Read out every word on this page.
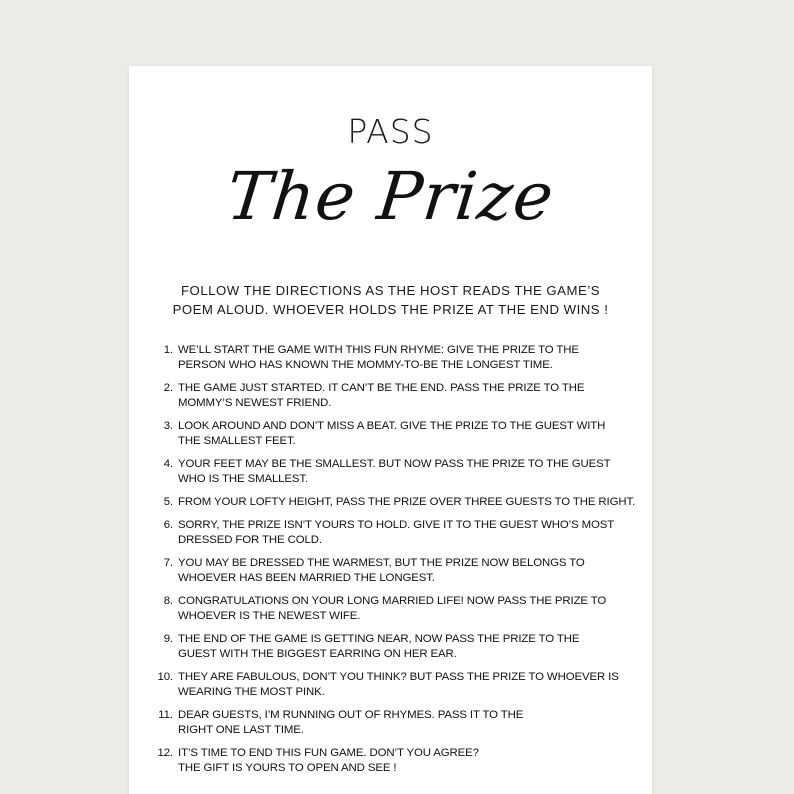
PASS
The Prize
FOLLOW THE DIRECTIONS AS THE HOST READS THE GAME’S
POEM ALOUD. WHOEVER HOLDS THE PRIZE AT THE END WINS !
1. WE’LL START THE GAME WITH THIS FUN RHYME: GIVE THE PRIZE TO THE
PERSON WHO HAS KNOWN THE MOMMY-TO-BE THE LONGEST TIME.
2. THE GAME JUST STARTED. IT CAN’T BE THE END. PASS THE PRIZE TO THE
MOMMY’S NEWEST FRIEND.
3. LOOK AROUND AND DON’T MISS A BEAT. GIVE THE PRIZE TO THE GUEST WITH
THE SMALLEST FEET.
4. YOUR FEET MAY BE THE SMALLEST. BUT NOW PASS THE PRIZE TO THE GUEST
WHO IS THE SMALLEST.
5. FROM YOUR LOFTY HEIGHT, PASS THE PRIZE OVER THREE GUESTS TO THE RIGHT.
6. SORRY, THE PRIZE ISN’T YOURS TO HOLD. GIVE IT TO THE GUEST WHO’S MOST
DRESSED FOR THE COLD.
7. YOU MAY BE DRESSED THE WARMEST, BUT THE PRIZE NOW BELONGS TO
WHOEVER HAS BEEN MARRIED THE LONGEST.
8. CONGRATULATIONS ON YOUR LONG MARRIED LIFE! NOW PASS THE PRIZE TO
WHOEVER IS THE NEWEST WIFE.
9. THE END OF THE GAME IS GETTING NEAR, NOW PASS THE PRIZE TO THE
GUEST WITH THE BIGGEST EARRING ON HER EAR.
10. THEY ARE FABULOUS, DON’T YOU THINK? BUT PASS THE PRIZE TO WHOEVER IS
WEARING THE MOST PINK.
11. DEAR GUESTS, I’M RUNNING OUT OF RHYMES. PASS IT TO THE
RIGHT ONE LAST TIME.
12. IT’S TIME TO END THIS FUN GAME. DON’T YOU AGREE?
THE GIFT IS YOURS TO OPEN AND SEE !
